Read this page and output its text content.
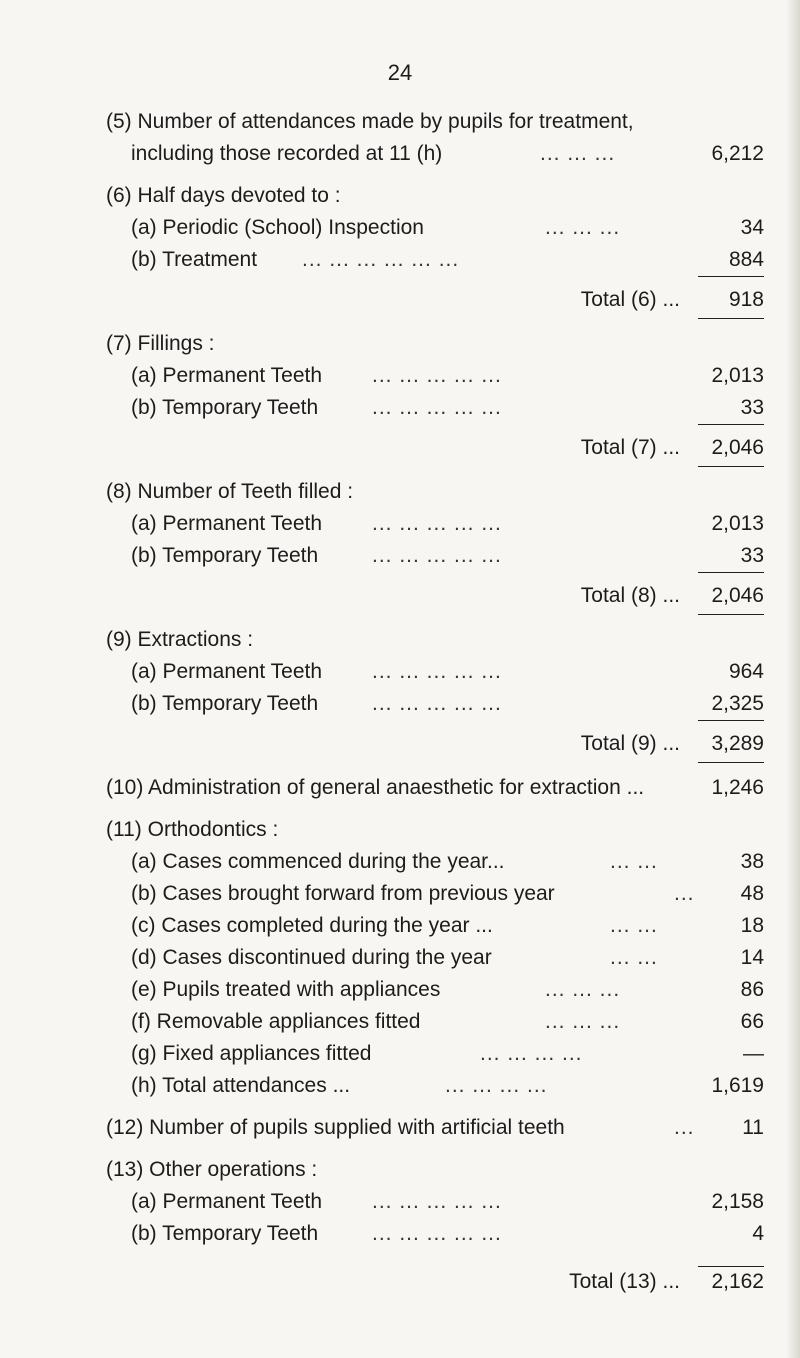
24
(5) Number of attendances made by pupils for treatment,
including those recorded at 11 (h)	... ... ...	6,212
(6) Half days devoted to :
(a) Periodic (School) Inspection	... ... ...	34
(b) Treatment ... ... ... ... ... ...	884
Total (6) ... 918
(7) Fillings :
(a) Permanent Teeth ... ... ... ... ...	2,013
(b) Temporary Teeth	... ... ... ... ...	33
Total (7) ... 2,046
(8) Number of Teeth filled :
(a) Permanent Teeth ... ... ... ... ...	2,013
(b) Temporary Teeth	... ... ... ... ...	33
Total (8) ... 2,046
(9) Extractions :
(a) Permanent Teeth ... ... ... ... ...	964
(b) Temporary Teeth	... ... ... ... ...	2,325
Total (9) ... 3,289
(10) Administration of general anaesthetic for extraction ...	1,246
(11) Orthodontics :
(a) Cases commenced during the year...	... ...	38
(b) Cases brought forward from previous year	... 48
(c) Cases completed during the year ...	... ...	18
(d) Cases discontinued during the year	... ...	14
(e) Pupils treated with appliances	... ... ...	86
(f) Removable appliances fitted	... ... ...	66
(g) Fixed appliances fitted	... ... ... ...	—
(h) Total attendances ...	... ... ... ...	1,619
(12) Number of pupils supplied with artificial teeth	... 11
(13) Other operations :
(a) Permanent Teeth ... ... ... ... ...	2,158
(b) Temporary Teeth	... ... ... ... ...	4
Total (13) ... 2,162
